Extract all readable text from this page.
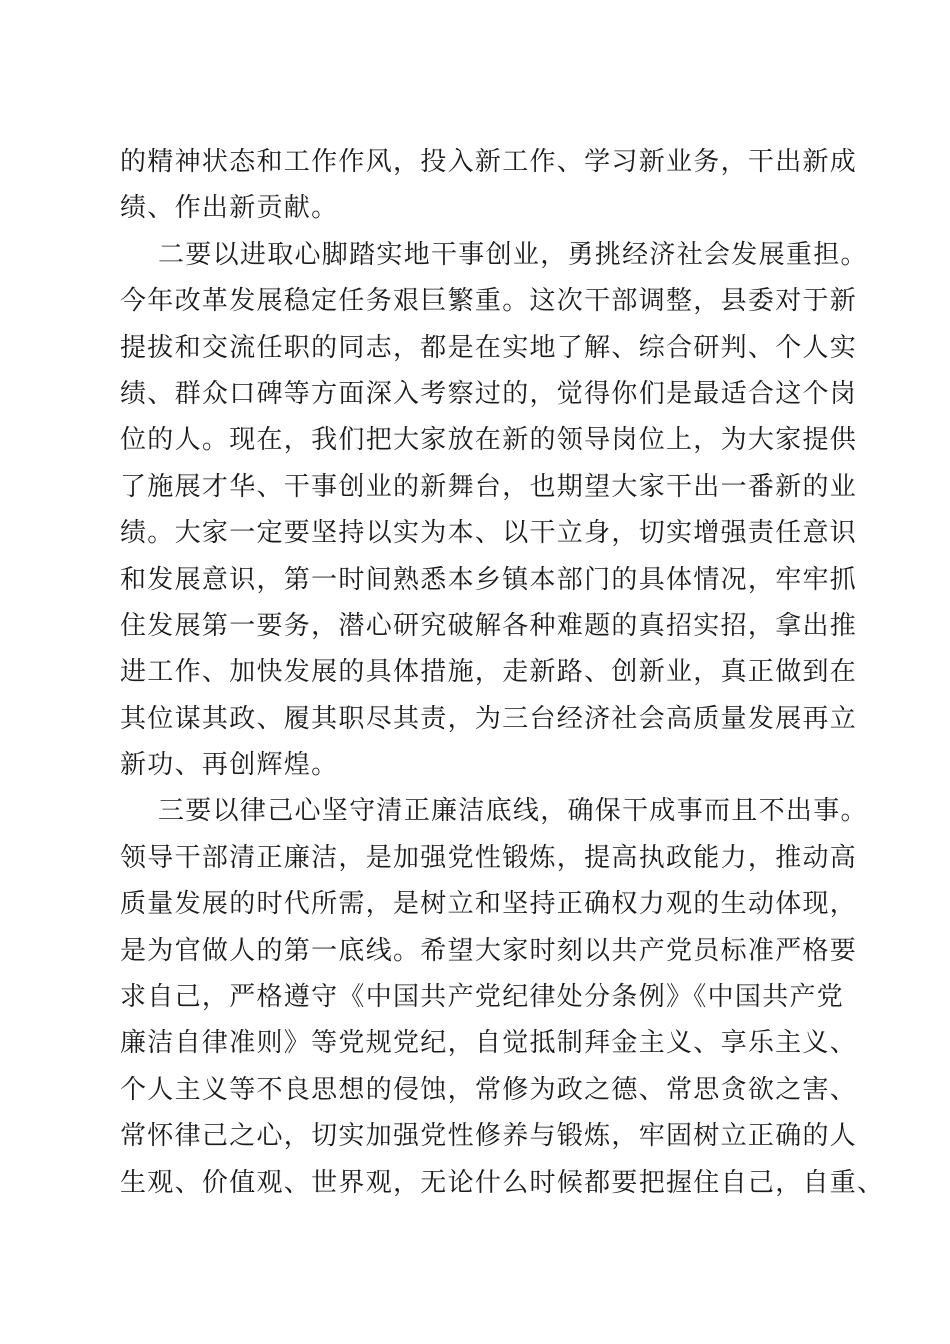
的精神状态和工作作风，投入新工作、学习新业务，干出新成
绩、作出新贡献。
二要以进取心脚踏实地干事创业，勇挑经济社会发展重担。
今年改革发展稳定任务艰巨繁重。这次干部调整，县委对于新
提拔和交流任职的同志，都是在实地了解、综合研判、个人实
绩、群众口碑等方面深入考察过的，觉得你们是最适合这个岗
位的人。现在，我们把大家放在新的领导岗位上，为大家提供
了施展才华、干事创业的新舞台，也期望大家干出一番新的业
绩。大家一定要坚持以实为本、以干立身，切实增强责任意识
和发展意识，第一时间熟悉本乡镇本部门的具体情况，牢牢抓
住发展第一要务，潜心研究破解各种难题的真招实招，拿出推
进工作、加快发展的具体措施，走新路、创新业，真正做到在
其位谋其政、履其职尽其责，为三台经济社会高质量发展再立
新功、再创辉煌。
三要以律己心坚守清正廉洁底线，确保干成事而且不出事。
领导干部清正廉洁，是加强党性锻炼，提高执政能力，推动高
质量发展的时代所需，是树立和坚持正确权力观的生动体现，
是为官做人的第一底线。希望大家时刻以共产党员标准严格要
求自己，严格遵守《中国共产党纪律处分条例》《中国共产党
廉洁自律准则》等党规党纪，自觉抵制拜金主义、享乐主义、
个人主义等不良思想的侵蚀，常修为政之德、常思贪欲之害、
常怀律己之心，切实加强党性修养与锻炼，牢固树立正确的人
生观、价值观、世界观，无论什么时候都要把握住自己，自重、
